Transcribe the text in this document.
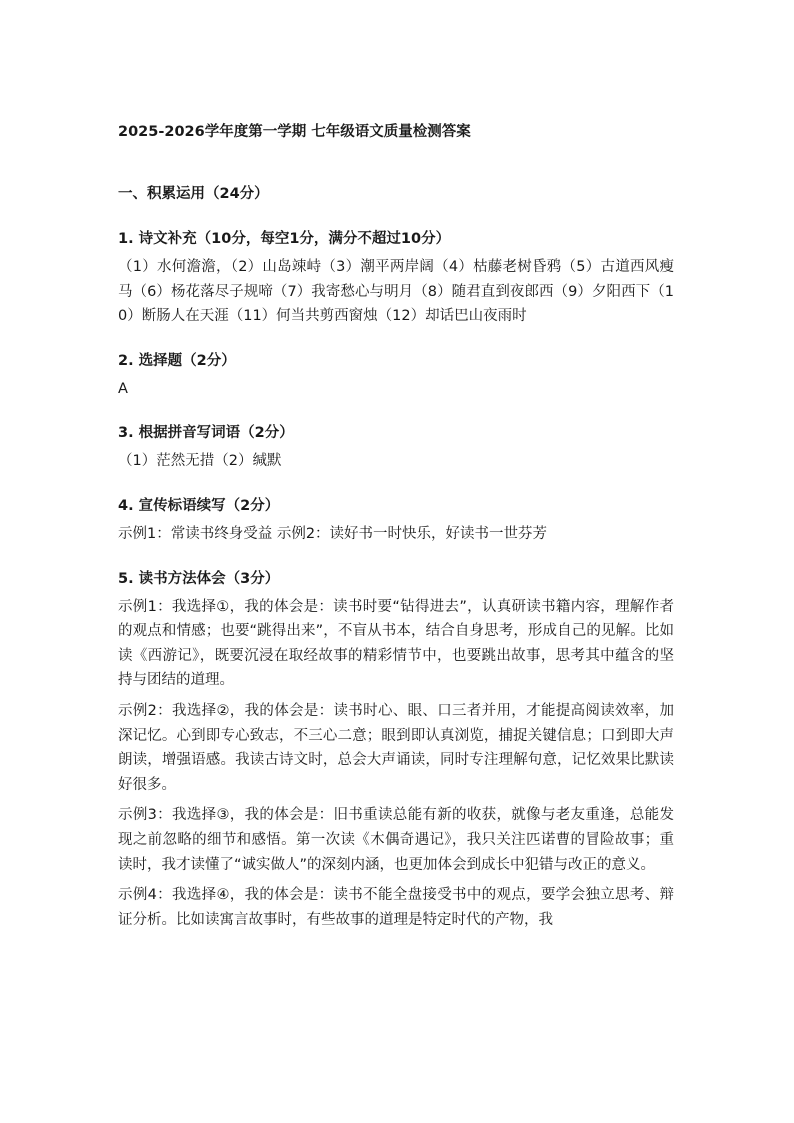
2025-2026学年度第一学期 七年级语文质量检测答案
一、积累运用（24分）
1. 诗文补充（10分，每空1分，满分不超过10分）
（1）水何澹澹，（2）山岛竦峙（3）潮平两岸阔（4）枯藤老树昏鸦（5）古道西风瘦马（6）杨花落尽子规啼（7）我寄愁心与明月（8）随君直到夜郎西（9）夕阳西下（10）断肠人在天涯（11）何当共剪西窗烛（12）却话巴山夜雨时
2. 选择题（2分）
A
3. 根据拼音写词语（2分）
（1）茫然无措（2）缄默
4. 宣传标语续写（2分）
示例1：常读书终身受益 示例2：读好书一时快乐，好读书一世芬芳
5. 读书方法体会（3分）
示例1：我选择①，我的体会是：读书时要“钻得进去”，认真研读书籍内容，理解作者的观点和情感；也要“跳得出来”，不盲从书本，结合自身思考，形成自己的见解。比如读《西游记》，既要沉浸在取经故事的精彩情节中，也要跳出故事，思考其中蕴含的坚持与团结的道理。
示例2：我选择②，我的体会是：读书时心、眼、口三者并用，才能提高阅读效率，加深记忆。心到即专心致志，不三心二意；眼到即认真浏览，捕捉关键信息；口到即大声朗读，增强语感。我读古诗文时，总会大声诵读，同时专注理解句意，记忆效果比默读好很多。
示例3：我选择③，我的体会是：旧书重读总能有新的收获，就像与老友重逢，总能发现之前忽略的细节和感悟。第一次读《木偶奇遇记》，我只关注匹诺曹的冒险故事；重读时，我才读懂了“诚实做人”的深刻内涵，也更加体会到成长中犯错与改正的意义。
示例4：我选择④，我的体会是：读书不能全盘接受书中的观点，要学会独立思考、辩证分析。比如读寓言故事时，有些故事的道理是特定时代的产物，我
